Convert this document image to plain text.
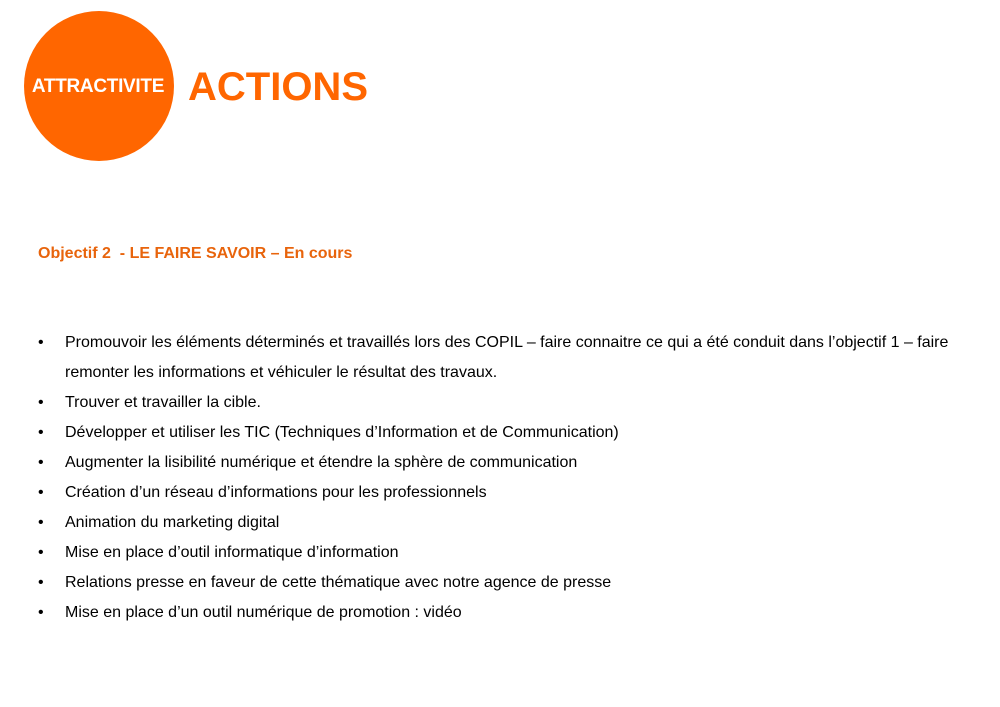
ATTRACTIVITE ACTIONS

Objectif 2  - LE FAIRE SAVOIR – En cours

• Promouvoir les éléments déterminés et travaillés lors des COPIL – faire connaitre ce qui a été conduit dans l’objectif 1 – faire remonter les informations et véhiculer le résultat des travaux.
• Trouver et travailler la cible.
• Développer et utiliser les TIC (Techniques d’Information et de Communication)
• Augmenter la lisibilité numérique et étendre la sphère de communication
• Création d’un réseau d’informations pour les professionnels
• Animation du marketing digital
• Mise en place d’outil informatique d’information
• Relations presse en faveur de cette thématique avec notre agence de presse
• Mise en place d’un outil numérique de promotion : vidéo
